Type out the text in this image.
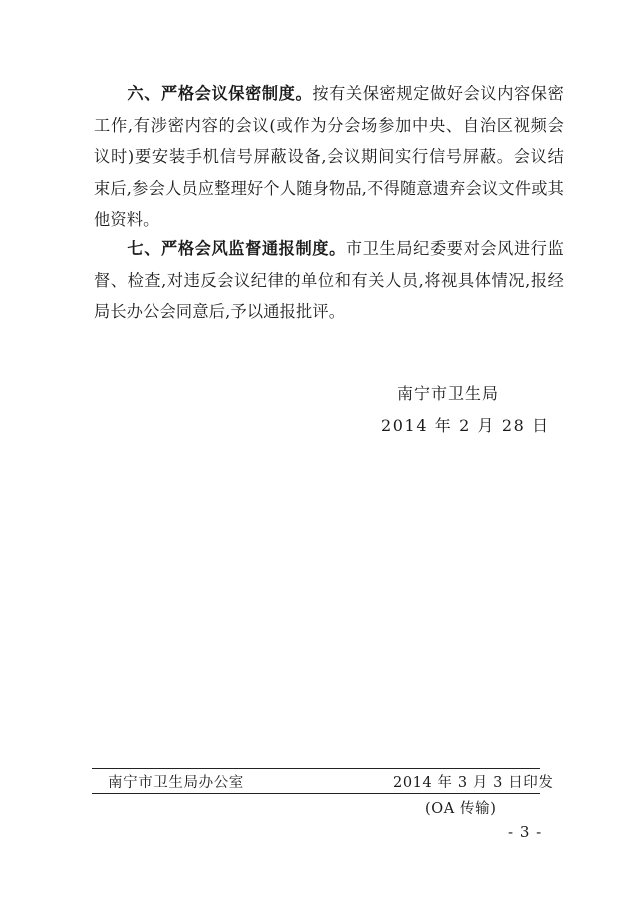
六、严格会议保密制度。按有关保密规定做好会议内容保密工作,有涉密内容的会议(或作为分会场参加中央、自治区视频会议时)要安装手机信号屏蔽设备,会议期间实行信号屏蔽。会议结束后,参会人员应整理好个人随身物品,不得随意遗弃会议文件或其他资料。

七、严格会风监督通报制度。市卫生局纪委要对会风进行监督、检查,对违反会议纪律的单位和有关人员,将视具体情况,报经局长办公会同意后,予以通报批评。

南宁市卫生局
2014 年 2 月 28 日
南宁市卫生局办公室	2014 年 3 月 3 日印发
(OA 传输)
- 3 -
